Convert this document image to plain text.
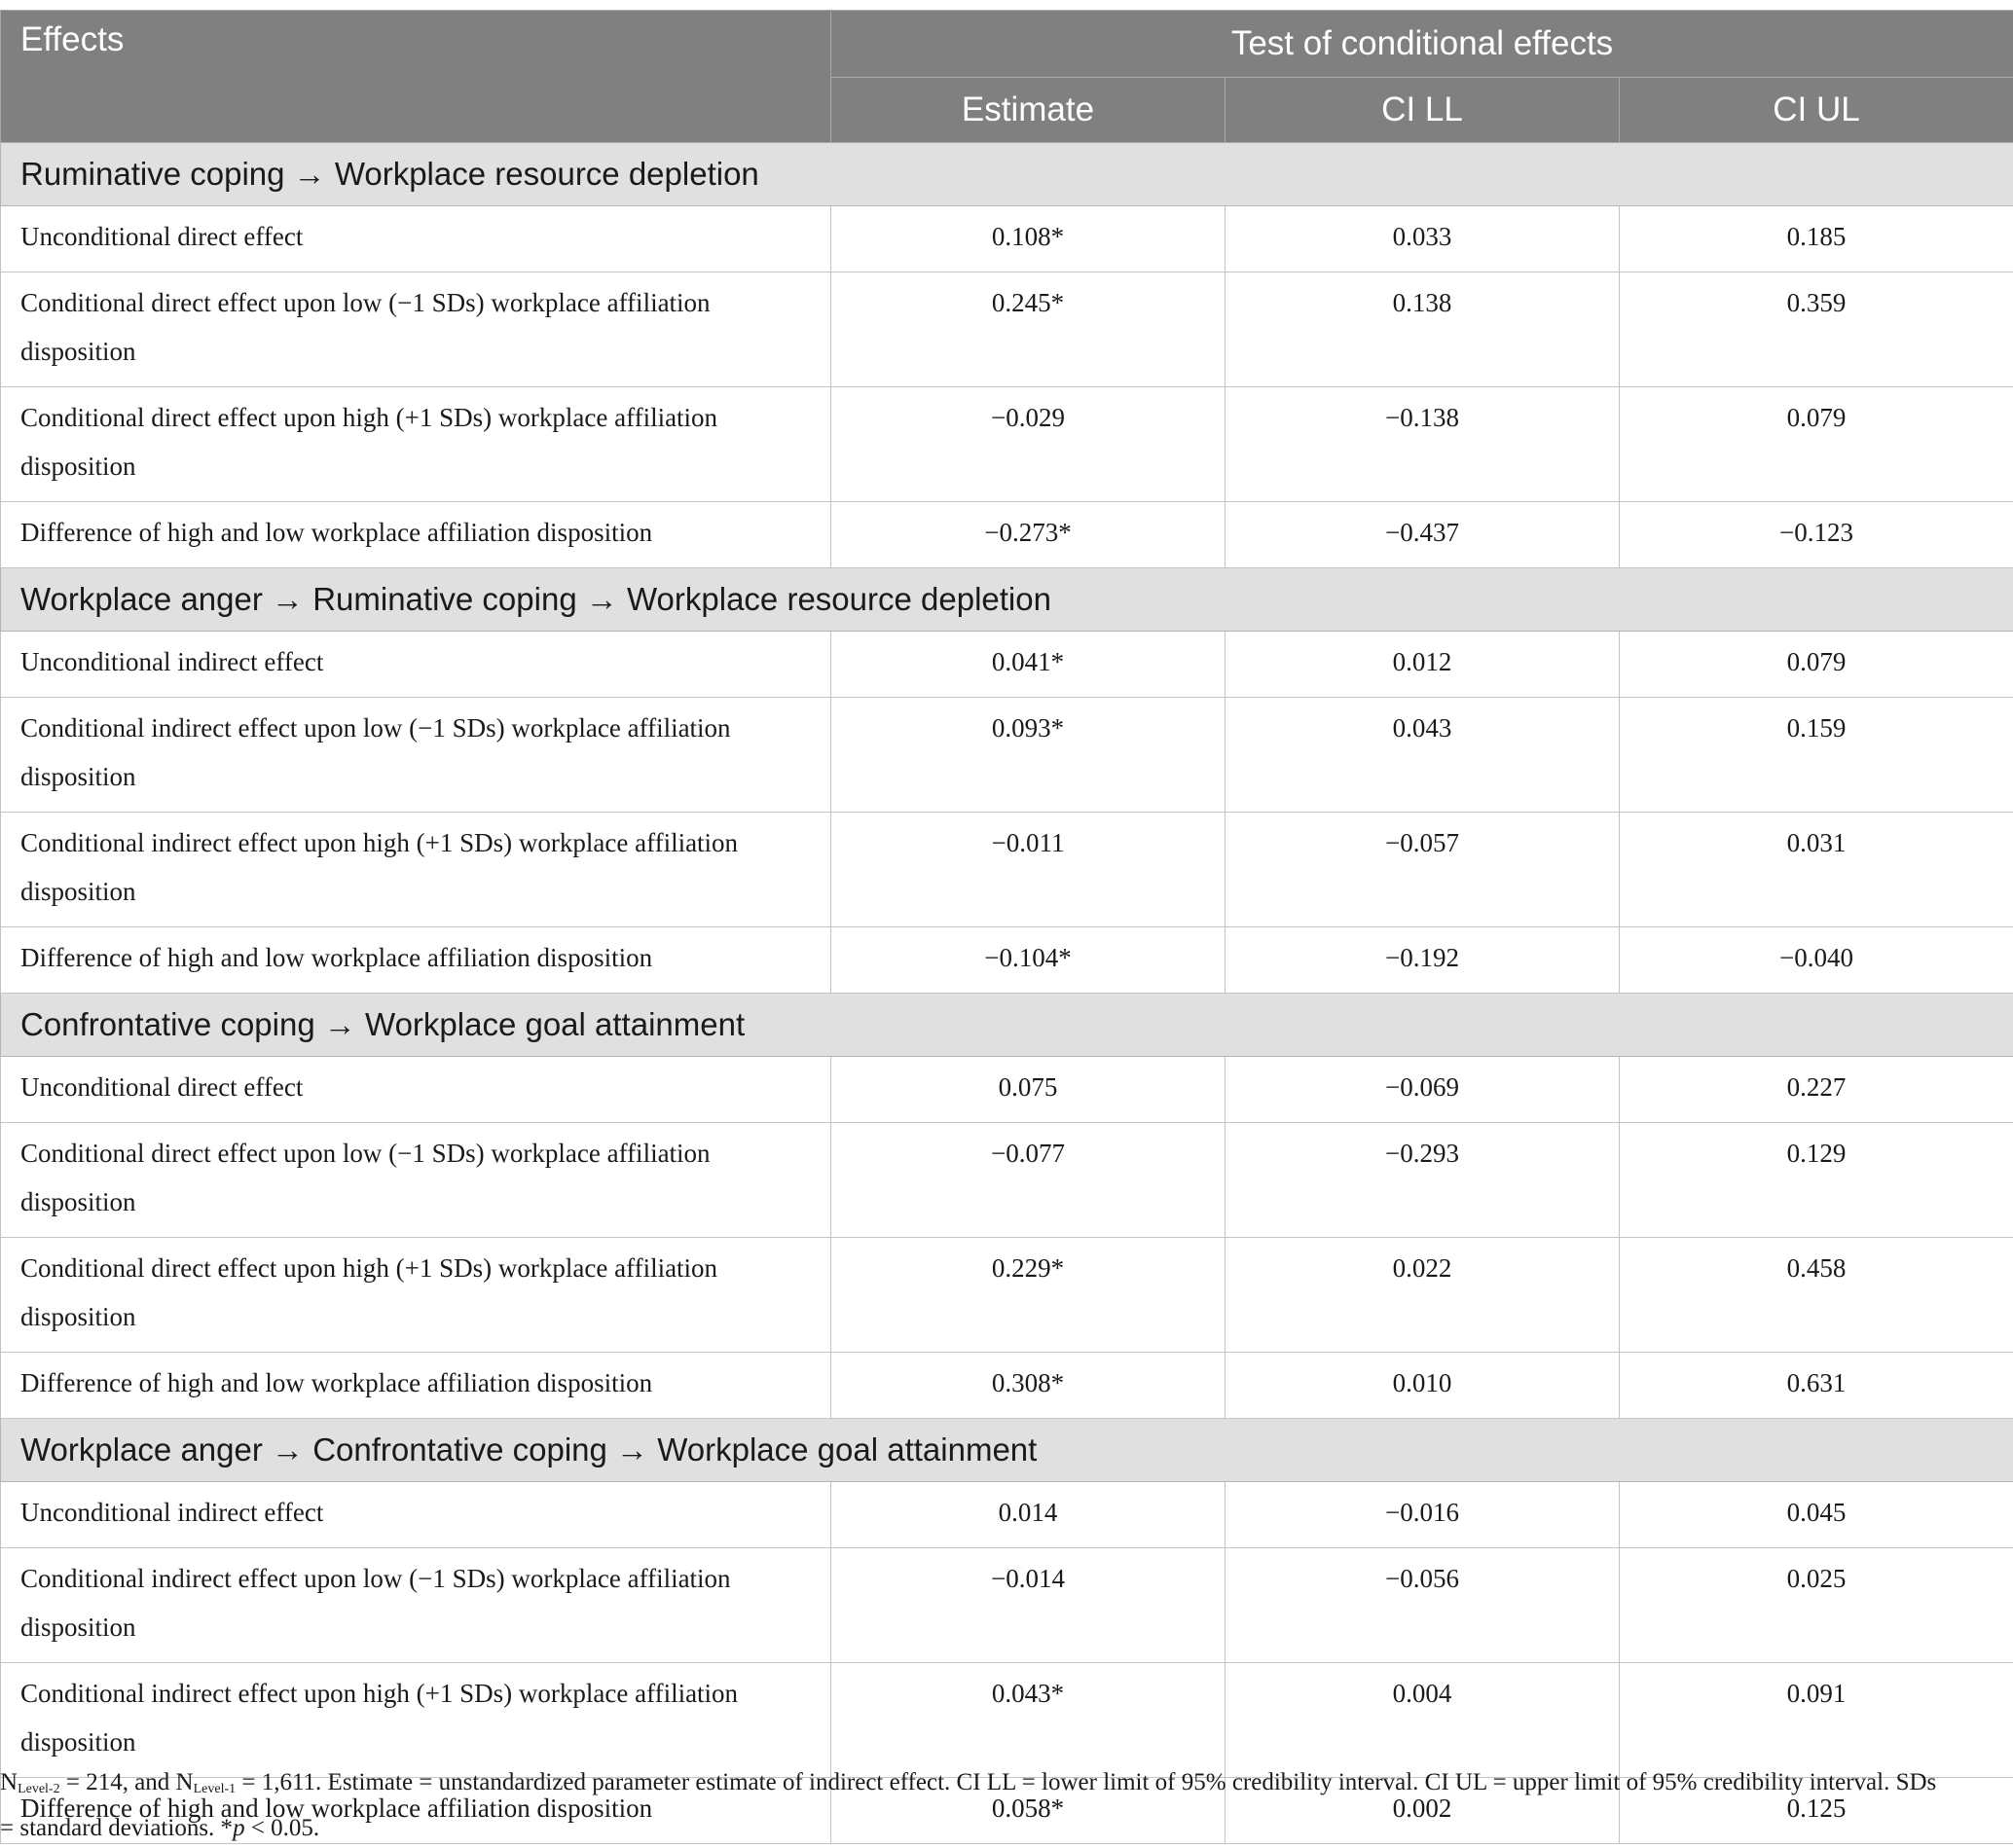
Effects	Test of conditional effects		
	Estimate	CI LL	CI UL
Ruminative coping → Workplace resource depletion			
Unconditional direct effect	0.108*	0.033	0.185
Conditional direct effect upon low (−1 SDs) workplace affiliation disposition	0.245*	0.138	0.359
Conditional direct effect upon high (+1 SDs) workplace affiliation disposition	−0.029	−0.138	0.079
Difference of high and low workplace affiliation disposition	−0.273*	−0.437	−0.123
Workplace anger → Ruminative coping → Workplace resource depletion			
Unconditional indirect effect	0.041*	0.012	0.079
Conditional indirect effect upon low (−1 SDs) workplace affiliation disposition	0.093*	0.043	0.159
Conditional indirect effect upon high (+1 SDs) workplace affiliation disposition	−0.011	−0.057	0.031
Difference of high and low workplace affiliation disposition	−0.104*	−0.192	−0.040
Confrontative coping → Workplace goal attainment			
Unconditional direct effect	0.075	−0.069	0.227
Conditional direct effect upon low (−1 SDs) workplace affiliation disposition	−0.077	−0.293	0.129
Conditional direct effect upon high (+1 SDs) workplace affiliation disposition	0.229*	0.022	0.458
Difference of high and low workplace affiliation disposition	0.308*	0.010	0.631
Workplace anger → Confrontative coping → Workplace goal attainment			
Unconditional indirect effect	0.014	−0.016	0.045
Conditional indirect effect upon low (−1 SDs) workplace affiliation disposition	−0.014	−0.056	0.025
Conditional indirect effect upon high (+1 SDs) workplace affiliation disposition	0.043*	0.004	0.091
Difference of high and low workplace affiliation disposition	0.058*	0.002	0.125
$N_{Level-2} = 214$, and $N_{Level-1} = 1,611$. Estimate = unstandardized parameter estimate of indirect effect. CI LL = lower limit of 95% credibility interval. CI UL = upper limit of 95% credibility interval. SDs = standard deviations. *p < 0.05.
